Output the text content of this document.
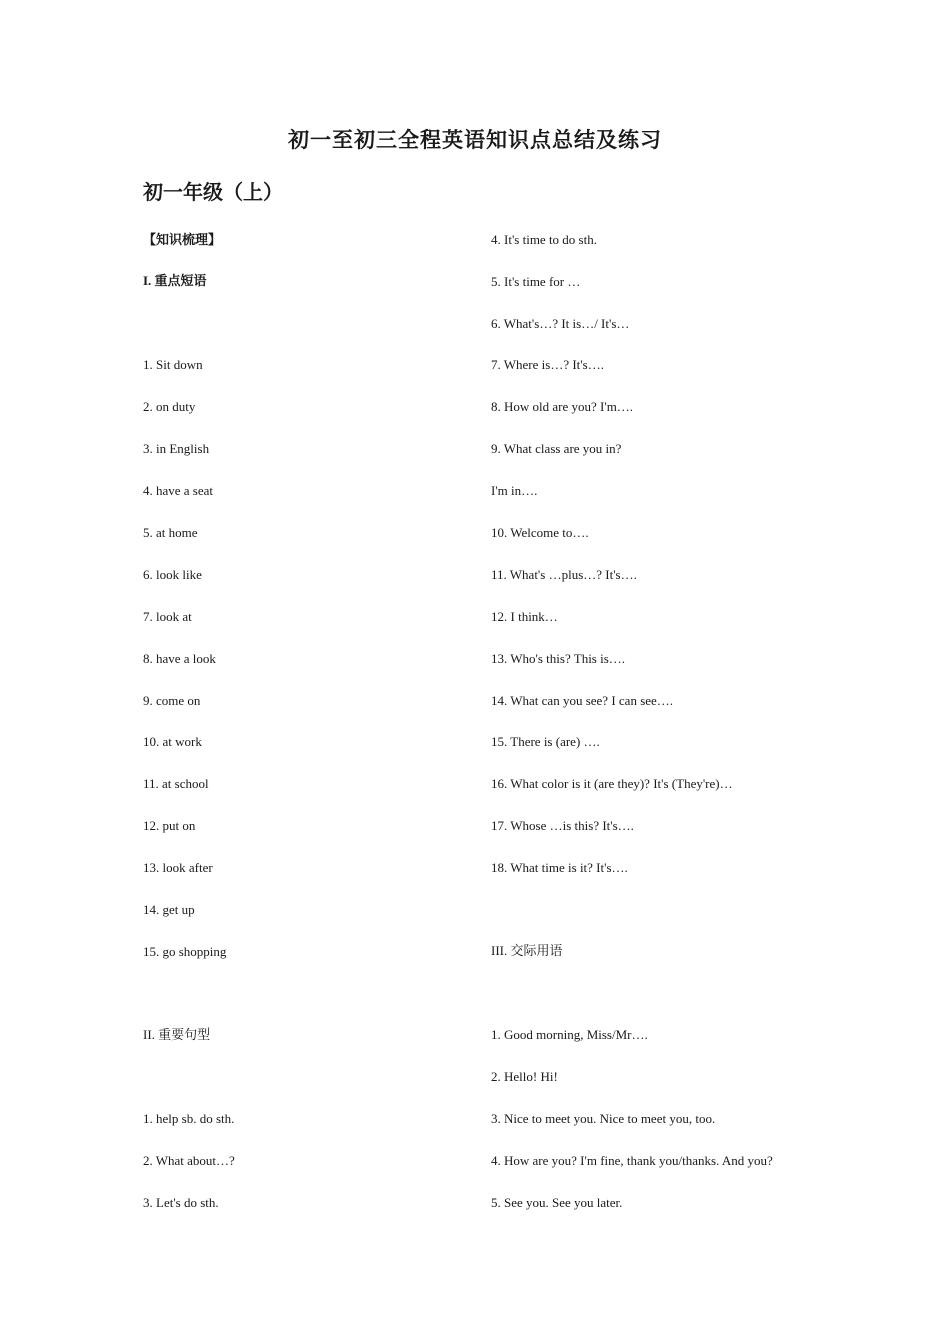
初一至初三全程英语知识点总结及练习
初一年级（上）
【知识梳理】
I. 重点短语
1. Sit down
2. on duty
3. in English
4. have a seat
5. at home
6. look like
7. look at
8. have a look
9. come on
10. at work
11. at school
12. put on
13. look after
14. get up
15. go shopping
II. 重要句型
1. help sb. do sth.
2. What about…?
3. Let's do sth.
4. It's time to do sth.
5. It's time for …
6. What's…? It is…/ It's…
7. Where is…? It's….
8. How old are you? I'm….
9. What class are you in?
I'm in….
10. Welcome to….
11. What's …plus…? It's….
12. I think…
13. Who's this? This is….
14. What can you see? I can see….
15. There is (are) ….
16. What color is it (are they)? It's (They're)…
17. Whose …is this? It's….
18. What time is it? It's….
III. 交际用语
1. Good morning, Miss/Mr….
2. Hello! Hi!
3. Nice to meet you. Nice to meet you, too.
4. How are you? I'm fine, thank you/thanks. And you?
5. See you. See you later.
